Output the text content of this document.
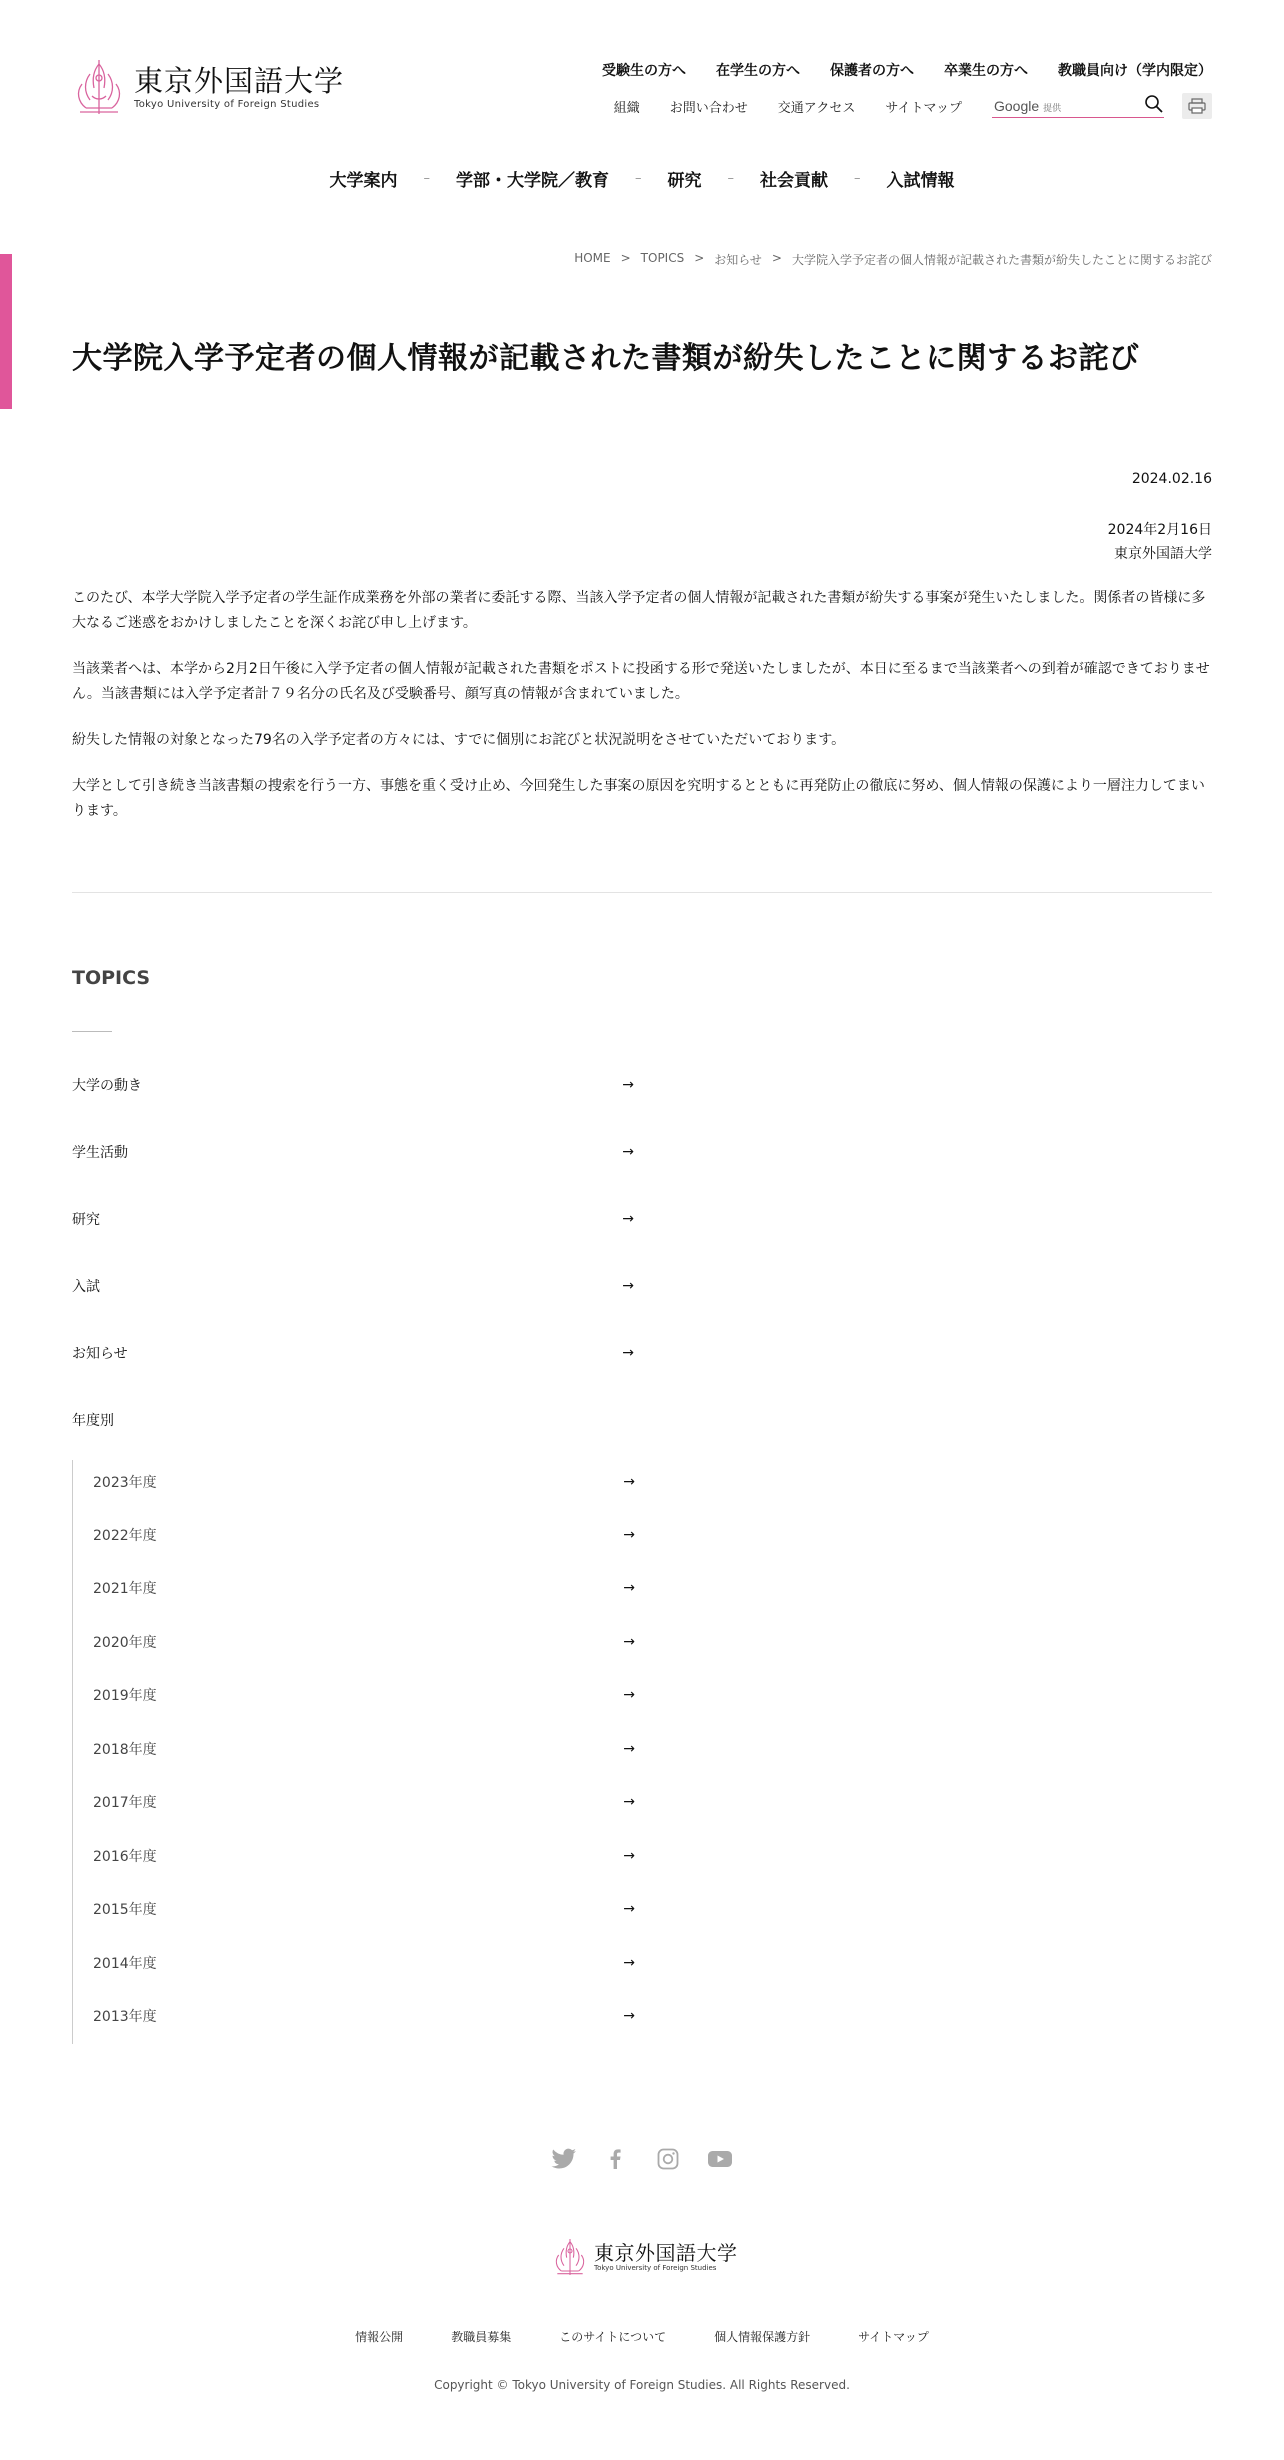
東京外国語大学
Tokyo University of Foreign Studies
受験生の方へ 在学生の方へ 保護者の方へ 卒業生の方へ 教職員向け（学内限定）
組織 お問い合わせ 交通アクセス サイトマップ Google 提供
大学案内 – 学部・大学院／教育 – 研究 – 社会貢献 – 入試情報
HOME > TOPICS > お知らせ > 大学院入学予定者の個人情報が記載された書類が紛失したことに関するお詫び
大学院入学予定者の個人情報が記載された書類が紛失したことに関するお詫び
2024.02.16
2024年2月16日
東京外国語大学

このたび、本学大学院入学予定者の学生証作成業務を外部の業者に委託する際、当該入学予定者の個人情報が記載された書類が紛失する事案が発生いたしました。関係者の皆様に多大なるご迷惑をおかけしましたことを深くお詫び申し上げます。

当該業者へは、本学から2月2日午後に入学予定者の個人情報が記載された書類をポストに投函する形で発送いたしましたが、本日に至るまで当該業者への到着が確認できておりません。当該書類には入学予定者計７９名分の氏名及び受験番号、顔写真の情報が含まれていました。

紛失した情報の対象となった79名の入学予定者の方々には、すでに個別にお詫びと状況説明をさせていただいております。

大学として引き続き当該書類の捜索を行う一方、事態を重く受け止め、今回発生した事案の原因を究明するとともに再発防止の徹底に努め、個人情報の保護により一層注力してまいります。

TOPICS
大学の動き	→
学生活動	→
研究	→
入試	→
お知らせ	→
年度別
2023年度	→
2022年度	→
2021年度	→
2020年度	→
2019年度	→
2018年度	→
2017年度	→
2016年度	→
2015年度	→
2014年度	→
2013年度	→
東京外国語大学
Tokyo University of Foreign Studies
情報公開	教職員募集	このサイトについて	個人情報保護方針	サイトマップ
Copyright © Tokyo University of Foreign Studies. All Rights Reserved.
